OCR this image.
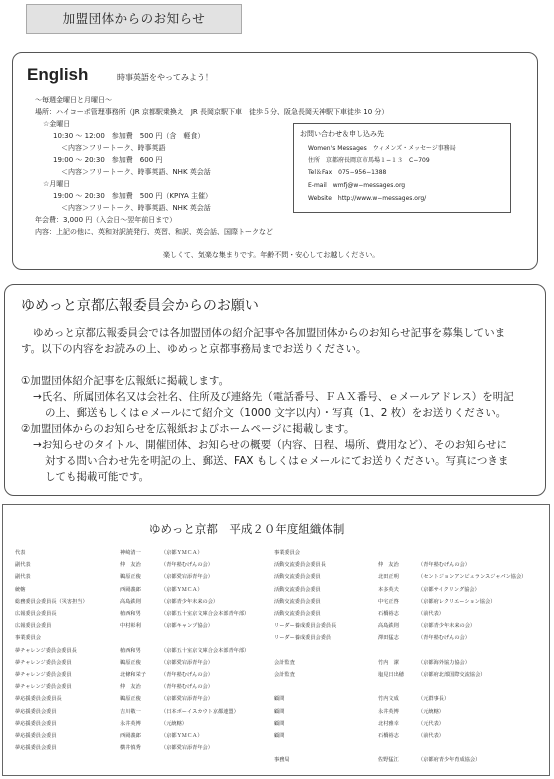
加盟団体からのお知らせ
English	時事英語をやってみよう！
～毎週金曜日と月曜日～
場所：ハイコーポ管理事務所（JR 京都駅乗換え　JR 長岡京駅下車　徒歩５分、阪急長岡天神駅下車徒歩 10 分）
☆金曜日
10:30 ～ 12:00　参加費　500 円（含　軽食）
＜内容＞フリートーク、時事英語
19:00 ～ 20:30　参加費　600 円
＜内容＞フリートーク、時事英語、NHK 英会話
☆月曜日
19:00 ～ 20:30　参加費　500 円（KPIYA 主催）
＜内容＞フリートーク、時事英語、NHK 英会話
年会費：3,000 円（入会日～翌年前日まで）
内容：上記の他に、英和対訳読発行、英習、和訳、英会話、国際トークなど
お問い合わせ＆申し込み先
Women's Messages　ウィメンズ・メッセージ事務局
住所　京都府長岡京市馬場１−１３　C−709
Tel＆Fax　075−956−1388
E-mail　wmfj@w−messages.org
Website　http://www.w−messages.org/
楽しくて、気楽な集まりです。年齢不問・安心してお越しください。
ゆめっと京都広報委員会からのお願い
ゆめっと京都広報委員会では各加盟団体の紹介記事や各加盟団体からのお知らせ記事を募集していま
す。以下の内容をお読みの上、ゆめっと京都事務局までお送りください。
①加盟団体紹介記事を広報紙に掲載します。
→氏名、所属団体名又は会社名、住所及び連絡先（電話番号、ＦＡＸ番号、ｅメールアドレス）を明記
の上、郵送もしくはｅメールにて紹介文（1000 文字以内）・写真（1、2 枚）をお送りください。
②加盟団体からのお知らせを広報紙およびホームページに掲載します。
→お知らせのタイトル、開催団体、お知らせの概要（内容、日程、場所、費用など）、そのお知らせに
対する問い合わせ先を明記の上、郵送、FAX もしくはｅメールにてお送りください。写真につきま
しても掲載可能です。
ゆめっと京都　平成２０年度組織体制
代表	神崎清一	（京都ＹＭＣＡ）
副代表	仲　友治	（青年塾むげんの会）
副代表	鵜原正俊	（京都愛宕添青年会）
統轄	西岡義郎	（京都ＹＭＣＡ）
総務委員会委員長（災害担当）	高島鉄則	（京都青少年未来の会）
広報委員会委員長	植西和男	（京都五十室京文庫合会本部青年部）
広報委員会委員	中村彰利	（京都キャンプ協会）
事業委員会
夢チャレンジ委員会委員長	植西和男	（京都五十室京文庫合会本部青年部）
夢チャレンジ委員会委員	鵜原正俊	（京都愛宕添青年会）
夢チャレンジ委員会委員	北條和栄子	（青年塾むげんの会）
夢チャレンジ委員会委員	仲　友治	（青年塾むげんの会）
夢応援委員会委員長	鵜原正俊	（京都愛宕添青年会）
夢応援委員会委員	吉川敬一	（日本ボーイスカウト京都連盟）
夢応援委員会委員	永井英博	（元統轄）
夢応援委員会委員	西岡義郎	（京都ＹＭＣＡ）
夢応援委員会委員	横井慎秀	（京都愛宕添青年会）
事業委員会
活動交流委員会委員長	仲　友治	（青年塾むげんの会）
活動交流委員会委員	北田正明	（セントジョンアンビュランスジャパン協会）
活動交流委員会委員	本多英夫	（京都サイクリング協会）
活動交流委員会委員	中宅正啓	（京都府レクリエーション協会）
活動交流委員会委員	石橋裕志	（前代表）
リーダー養成委員会委員長	高島鉄則	（京都青少年未来の会）
リーダー養成委員会委員	澤田猛志	（青年塾むげんの会）
会計監査	竹内　潔	（京都海外協力協会）
会計監査	塩見日出穂	（京都府北部国際交流協会）
顧問	竹内文成	（元群事長）
顧問	永井英博	（元統轄）
顧問	北村雅幸	（元代表）
顧問	石橋裕志	（前代表）
事務局	佐野猛江	（京都府青少年育成協会）
